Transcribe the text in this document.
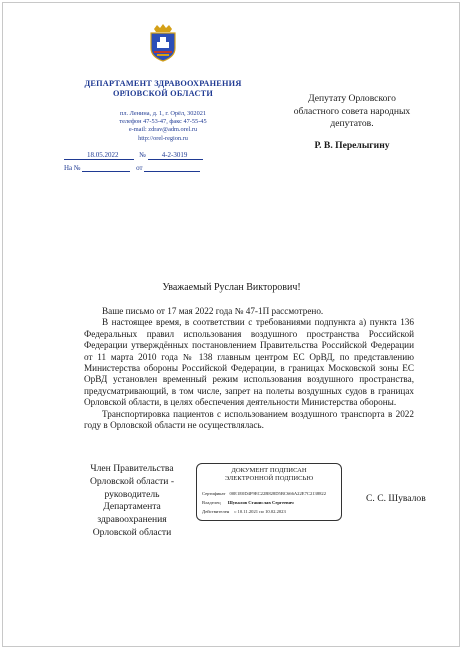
ДЕПАРТАМЕНТ ЗДРАВООХРАНЕНИЯ
ОРЛОВСКОЙ ОБЛАСТИ
пл. Ленина, д. 1, г. Орёл, 302021
телефон 47-53-47, факс 47-55-45
e-mail: zdrav@adm.orel.ru
http://orel-region.ru
18.05.2022	№ 4-2-3019
На №	от
Депутату Орловского
областного совета народных
депутатов.
Р. В. Перелыгину
Уважаемый Руслан Викторович!

Ваше письмо от 17 мая 2022 года № 47-1П рассмотрено.

В настоящее время, в соответствии с требованиями подпункта а) пункта 136 Федеральных правил использования воздушного пространства Российской Федерации утверждённых постановлением Правительства Российской Федерации от 11 марта 2010 года № 138 главным центром ЕС ОрВД, по представлению Министерства обороны Российской Федерации, в границах Московской зоны ЕС ОрВД установлен временный режим использования воздушного пространства, предусматривающий, в том числе, запрет на полеты воздушных судов в границах Орловской области, в целях обеспечения деятельности Министерства обороны.

Транспортировка пациентов с использованием воздушного транспорта в 2022 году в Орловской области не осуществлялась.

Член Правительства
Орловской области -
руководитель
Департамента
здравоохранения
Орловской области
ДОКУМЕНТ ПОДПИСАН
ЭЛЕКТРОННОЙ ПОДПИСЬЮ
Сертификат 00E1E0D4F9EC22B828D5BC666A22E7C2138822
Владелец Шувалов Станислав Сергеевич
Действителен с 10.11.2021 по 10.02.2023
С. С. Шувалов
